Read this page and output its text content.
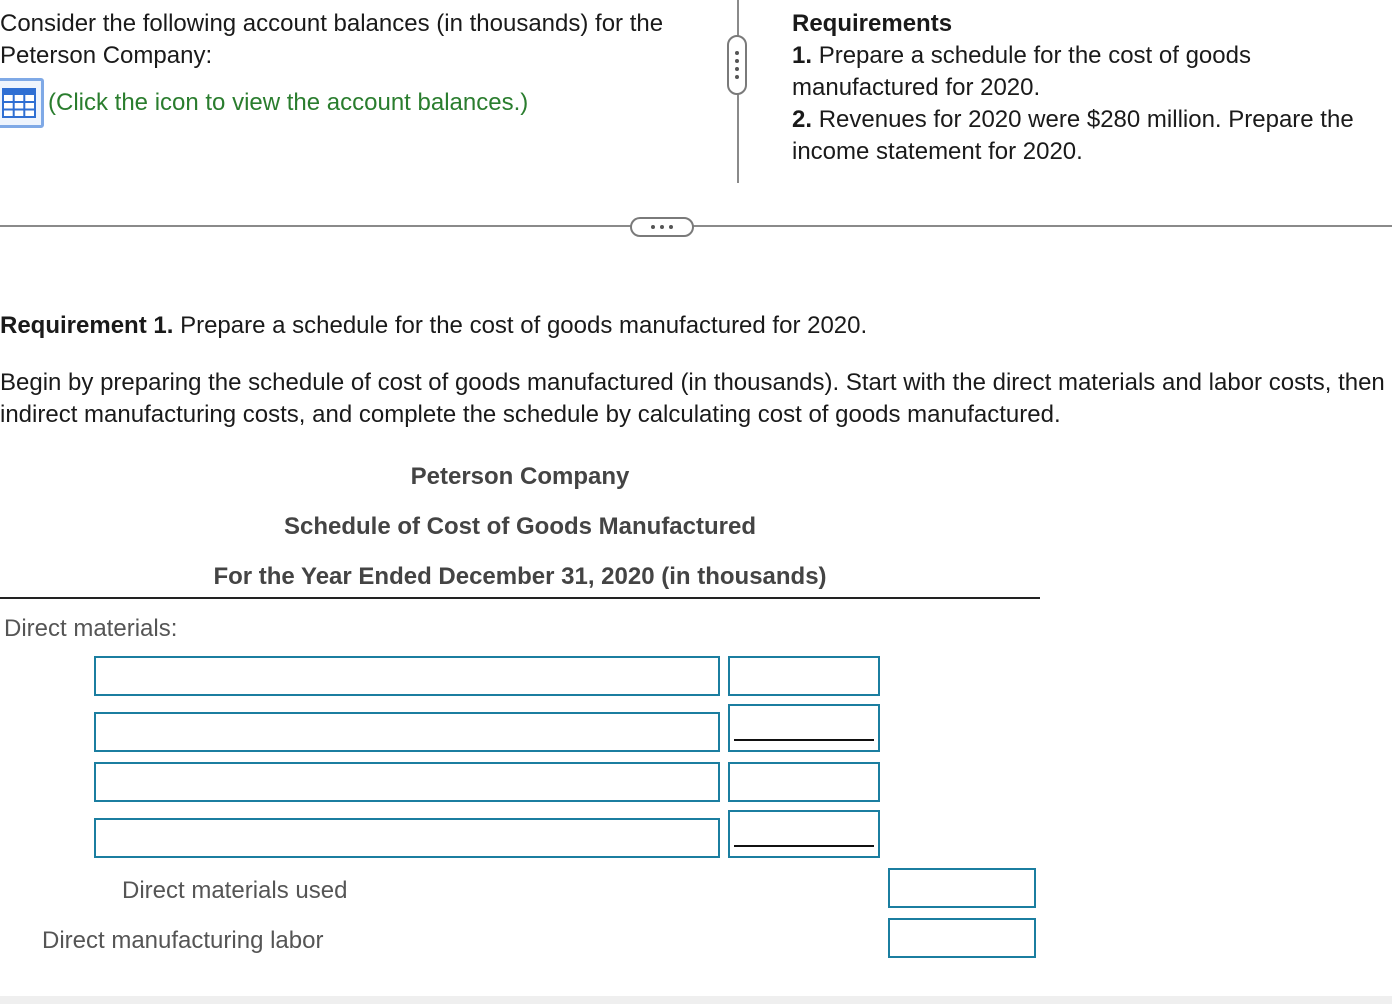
Consider the following account balances (in thousands) for the Peterson Company:
(Click the icon to view the account balances.)
Requirements
1. Prepare a schedule for the cost of goods manufactured for 2020.
2. Revenues for 2020 were $280 million. Prepare the income statement for 2020.
Requirement 1. Prepare a schedule for the cost of goods manufactured for 2020.
Begin by preparing the schedule of cost of goods manufactured (in thousands). Start with the direct materials and labor costs, then indirect manufacturing costs, and complete the schedule by calculating cost of goods manufactured.
Peterson Company
Schedule of Cost of Goods Manufactured
For the Year Ended December 31, 2020 (in thousands)
Direct materials:
Direct materials used
Direct manufacturing labor
